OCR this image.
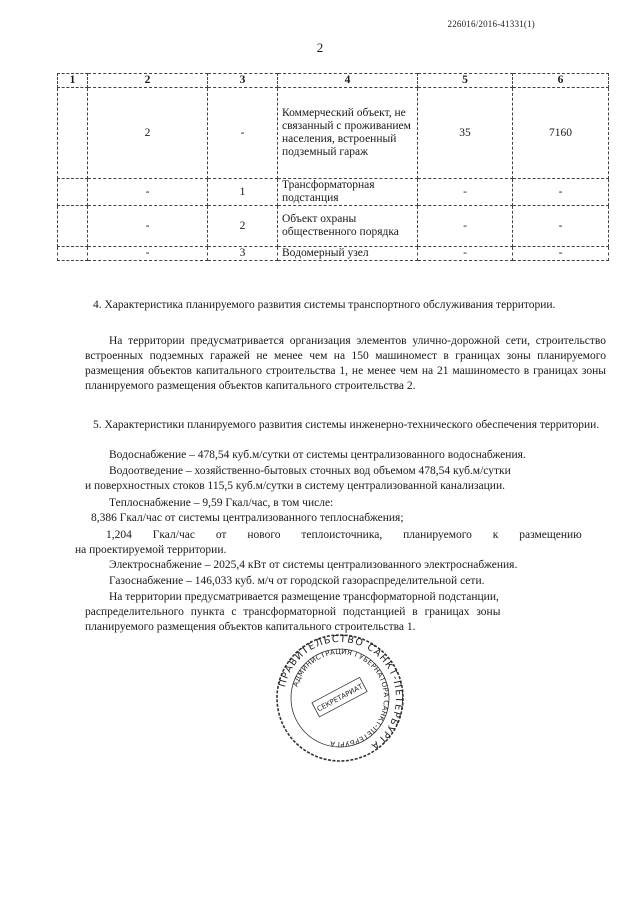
226016/2016-41331(1)
2
1	2	3	4	5	6
	2	-	Коммерческий объект, не связанный с проживанием населения, встроенный подземный гараж	35	7160
	-	1	Трансформаторная подстанция	-	-
	-	2	Объект охраны общественного порядка	-	-
	-	3	Водомерный узел	-	-
4. Характеристика планируемого развития системы транспортного обслуживания территории.
На территории предусматривается организация элементов улично-дорожной сети, строительство встроенных подземных гаражей не менее чем на 150 машиномест в границах зоны планируемого размещения объектов капитального строительства 1, не менее чем на 21 машиноместо в границах зоны планируемого размещения объектов капитального строительства 2.
5. Характеристики планируемого развития системы инженерно-технического обеспечения территории.
Водоснабжение – 478,54 куб.м/сутки от системы централизованного водоснабжения.
Водоотведение – хозяйственно-бытовых сточных вод объемом 478,54 куб.м/сутки
и поверхностных стоков 115,5 куб.м/сутки в систему централизованной канализации.
Теплоснабжение – 9,59 Гкал/час, в том числе:
8,386 Гкал/час от системы централизованного теплоснабжения;
1,204 Гкал/час от нового теплоисточника, планируемого к размещению
на проектируемой территории.
Электроснабжение – 2025,4 кВт от системы централизованного электроснабжения.
Газоснабжение – 146,033 куб. м/ч от городской газораспределительной сети.
На территории предусматривается размещение трансформаторной подстанции,
распределительного пункта с трансформаторной подстанцией в границах зоны
планируемого размещения объектов капитального строительства 1.
ПРАВИТЕЛЬСТВО САНКТ-ПЕТЕРБУРГА
АДМИНИСТРАЦИЯ ГУБЕРНАТОРА САНКТ-ПЕТЕРБУРГА
СЕКРЕТАРИАТ
